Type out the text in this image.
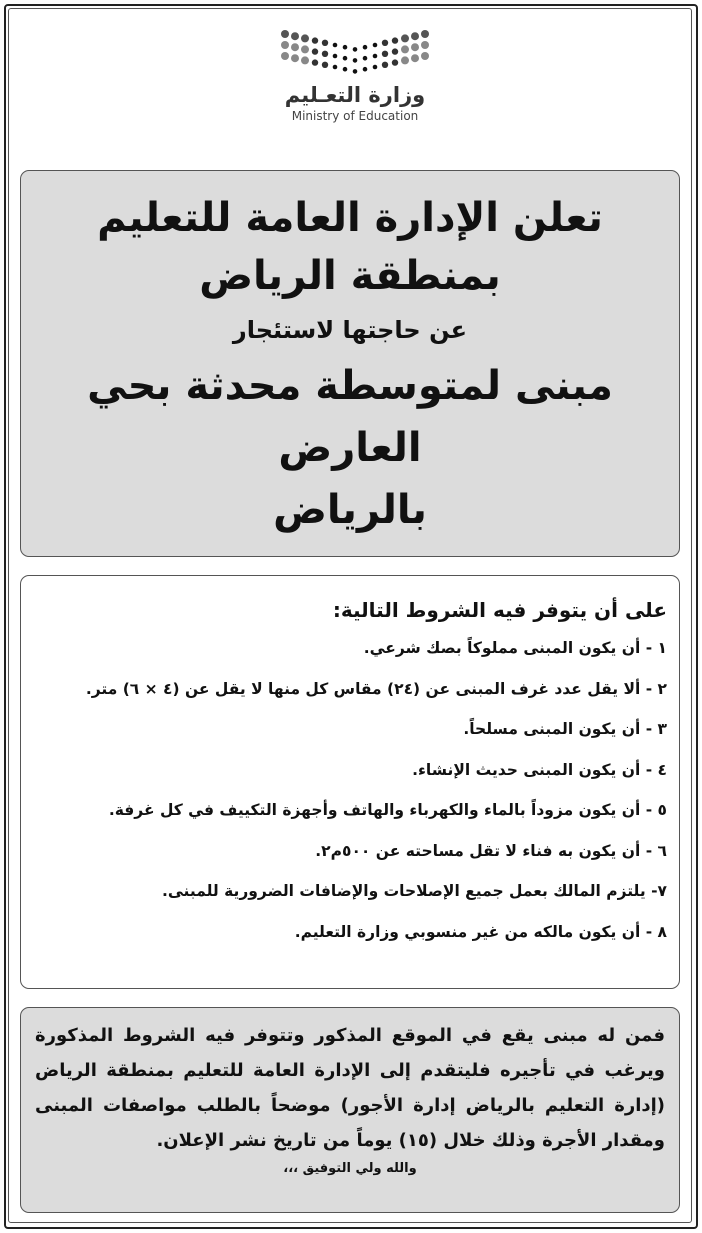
وزارة التعـليم
Ministry of Education
تعلن الإدارة العامة للتعليم
بمنطقة الرياض
عن حاجتها لاستئجار
مبنى لمتوسطة محدثة بحي العارض
بالرياض
على أن يتوفر فيه الشروط التالية:
١ - أن يكون المبنى مملوكاً بصك شرعي.
٢ - ألا يقل عدد غرف المبنى عن (٢٤) مقاس كل منها لا يقل عن (٤ × ٦) متر.
٣ - أن يكون المبنى مسلحاً.
٤ - أن يكون المبنى حديث الإنشاء.
٥ - أن يكون مزوداً بالماء والكهرباء والهاتف وأجهزة التكييف في كل غرفة.
٦ - أن يكون به فناء لا تقل مساحته عن ٥٠٠م٢.
٧- يلتزم المالك بعمل جميع الإصلاحات والإضافات الضرورية للمبنى.
٨ - أن يكون مالكه من غير منسوبي وزارة التعليم.
فمن له مبنى يقع في الموقع المذكور وتتوفر فيه الشروط المذكورة ويرغب في تأجيره فليتقدم إلى الإدارة العامة للتعليم بمنطقة الرياض (إدارة التعليم بالرياض إدارة الأجور) موضحاً بالطلب مواصفات المبنى ومقدار الأجرة وذلك خلال (١٥) يوماً من تاريخ نشر الإعلان.
والله ولي التوفيق ،،،
